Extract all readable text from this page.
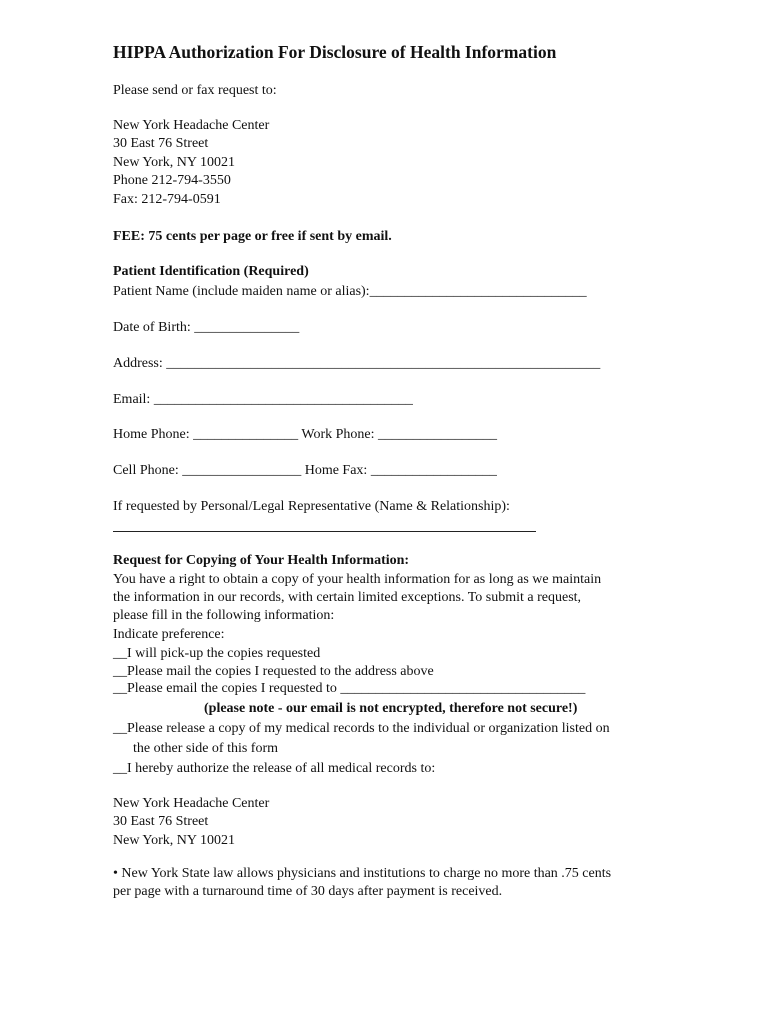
HIPPA Authorization For Disclosure of Health Information
Please send or fax request to:
New York Headache Center
30 East 76 Street
New York, NY 10021
Phone 212-794-3550
Fax: 212-794-0591
FEE: 75 cents per page or free if sent by email.
Patient Identification (Required)
Patient Name (include maiden name or alias):_______________________________
Date of Birth: _______________
Address: ______________________________________________________________
Email: _____________________________________
Home Phone: _______________ Work Phone: _________________
Cell Phone: _________________ Home Fax: __________________
If requested by Personal/Legal Representative (Name & Relationship):
Request for Copying of Your Health Information:
You have a right to obtain a copy of your health information for as long as we maintain
the information in our records, with certain limited exceptions. To submit a request,
please fill in the following information:
Indicate preference:
__I will pick-up the copies requested
__Please mail the copies I requested to the address above
__Please email the copies I requested to ___________________________________
(please note - our email is not encrypted, therefore not secure!)
__Please release a copy of my medical records to the individual or organization listed on
the other side of this form
__I hereby authorize the release of all medical records to:
New York Headache Center
30 East 76 Street
New York, NY 10021
• New York State law allows physicians and institutions to charge no more than .75 cents
per page with a turnaround time of 30 days after payment is received.
